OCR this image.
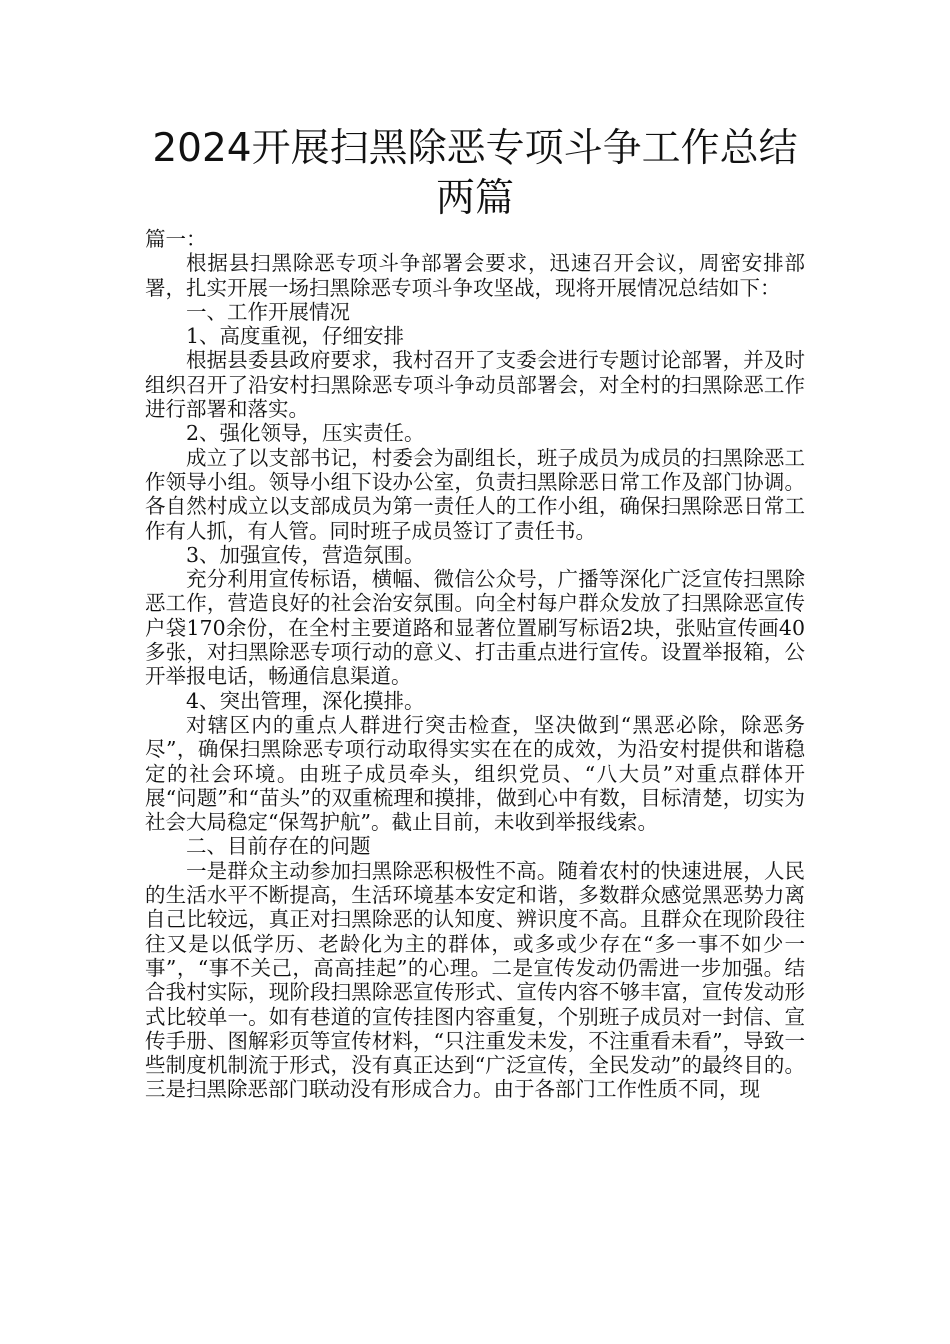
2024开展扫黑除恶专项斗争工作总结两篇

篇一：

根据县扫黑除恶专项斗争部署会要求，迅速召开会议，周密安排部署，扎实开展一场扫黑除恶专项斗争攻坚战，现将开展情况总结如下：

一、工作开展情况

1、高度重视，仔细安排

根据县委县政府要求，我村召开了支委会进行专题讨论部署，并及时组织召开了沿安村扫黑除恶专项斗争动员部署会，对全村的扫黑除恶工作进行部署和落实。

2、强化领导，压实责任。

成立了以支部书记，村委会为副组长，班子成员为成员的扫黑除恶工作领导小组。领导小组下设办公室，负责扫黑除恶日常工作及部门协调。各自然村成立以支部成员为第一责任人的工作小组，确保扫黑除恶日常工作有人抓，有人管。同时班子成员签订了责任书。

3、加强宣传，营造氛围。

充分利用宣传标语，横幅、微信公众号，广播等深化广泛宣传扫黑除恶工作，营造良好的社会治安氛围。向全村每户群众发放了扫黑除恶宣传户袋170余份，在全村主要道路和显著位置刷写标语2块，张贴宣传画40多张，对扫黑除恶专项行动的意义、打击重点进行宣传。设置举报箱，公开举报电话，畅通信息渠道。

4、突出管理，深化摸排。

对辖区内的重点人群进行突击检查，坚决做到“黑恶必除，除恶务尽”，确保扫黑除恶专项行动取得实实在在的成效，为沿安村提供和谐稳定的社会环境。由班子成员牵头，组织党员、“八大员”对重点群体开展“问题”和“苗头”的双重梳理和摸排，做到心中有数，目标清楚，切实为社会大局稳定“保驾护航”。截止目前，未收到举报线索。

二、目前存在的问题

一是群众主动参加扫黑除恶积极性不高。随着农村的快速进展，人民的生活水平不断提高，生活环境基本安定和谐，多数群众感觉黑恶势力离自己比较远，真正对扫黑除恶的认知度、辨识度不高。且群众在现阶段往往又是以低学历、老龄化为主的群体，或多或少存在“多一事不如少一事”，“事不关己，高高挂起”的心理。二是宣传发动仍需进一步加强。结合我村实际，现阶段扫黑除恶宣传形式、宣传内容不够丰富，宣传发动形式比较单一。如有巷道的宣传挂图内容重复，个别班子成员对一封信、宣传手册、图解彩页等宣传材料，“只注重发未发，不注重看未看”，导致一些制度机制流于形式，没有真正达到“广泛宣传，全民发动”的最终目的。三是扫黑除恶部门联动没有形成合力。由于各部门工作性质不同，现
